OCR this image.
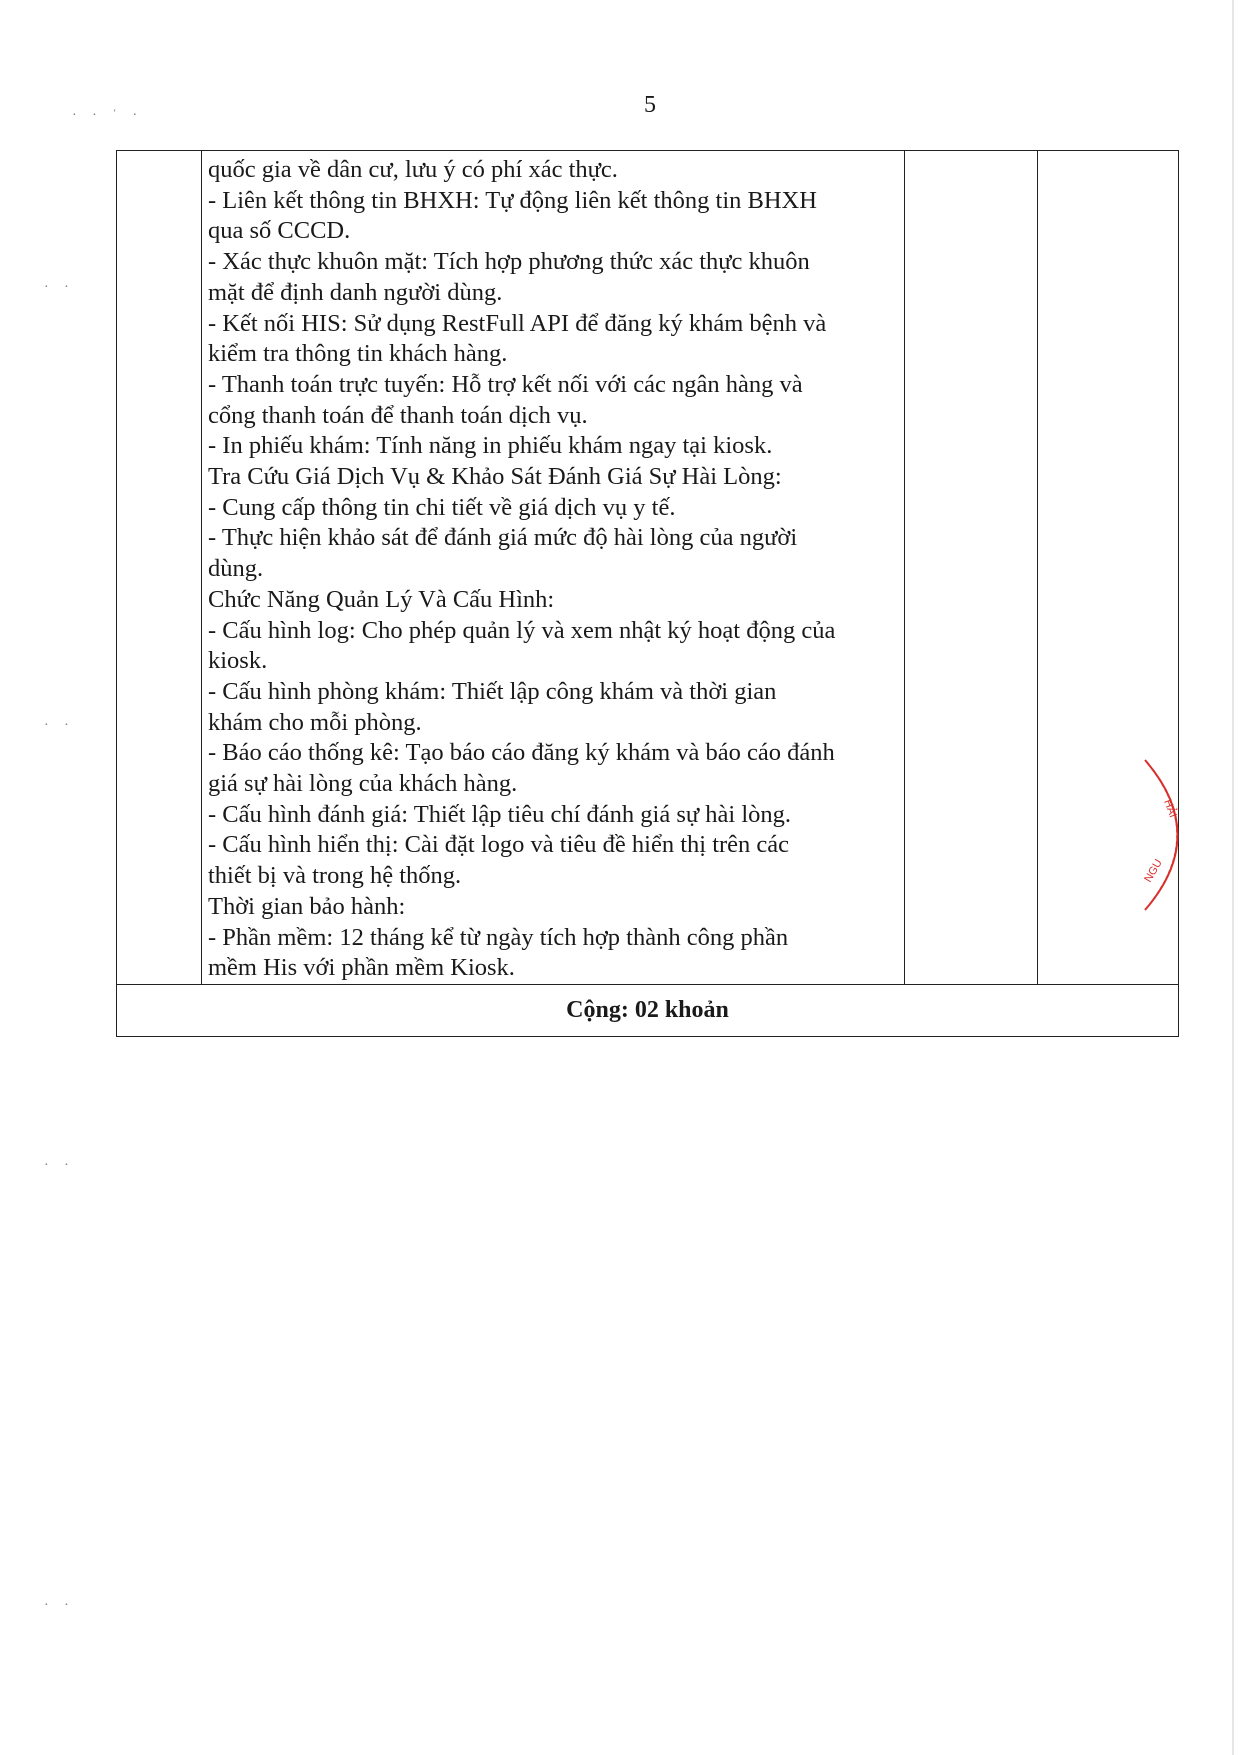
5
· · ˈ ·
· ·
· ·
· ·
· ·
quốc gia về dân cư, lưu ý có phí xác thực.
- Liên kết thông tin BHXH: Tự động liên kết thông tin BHXH
qua số CCCD.
- Xác thực khuôn mặt: Tích hợp phương thức xác thực khuôn
mặt để định danh người dùng.
- Kết nối HIS: Sử dụng RestFull API để đăng ký khám bệnh và
kiểm tra thông tin khách hàng.
- Thanh toán trực tuyến: Hỗ trợ kết nối với các ngân hàng và
cổng thanh toán để thanh toán dịch vụ.
- In phiếu khám: Tính năng in phiếu khám ngay tại kiosk.
Tra Cứu Giá Dịch Vụ & Khảo Sát Đánh Giá Sự Hài Lòng:
- Cung cấp thông tin chi tiết về giá dịch vụ y tế.
- Thực hiện khảo sát để đánh giá mức độ hài lòng của người
dùng.
Chức Năng Quản Lý Và Cấu Hình:
- Cấu hình log: Cho phép quản lý và xem nhật ký hoạt động của
kiosk.
- Cấu hình phòng khám: Thiết lập công khám và thời gian
khám cho mỗi phòng.
- Báo cáo thống kê: Tạo báo cáo đăng ký khám và báo cáo đánh
giá sự hài lòng của khách hàng.
- Cấu hình đánh giá: Thiết lập tiêu chí đánh giá sự hài lòng.
- Cấu hình hiển thị: Cài đặt logo và tiêu đề hiển thị trên các
thiết bị và trong hệ thống.
Thời gian bảo hành:
- Phần mềm: 12 tháng kể từ ngày tích hợp thành công phần
mềm His với phần mềm Kiosk.
Cộng: 02 khoản
HẢI
NGU
